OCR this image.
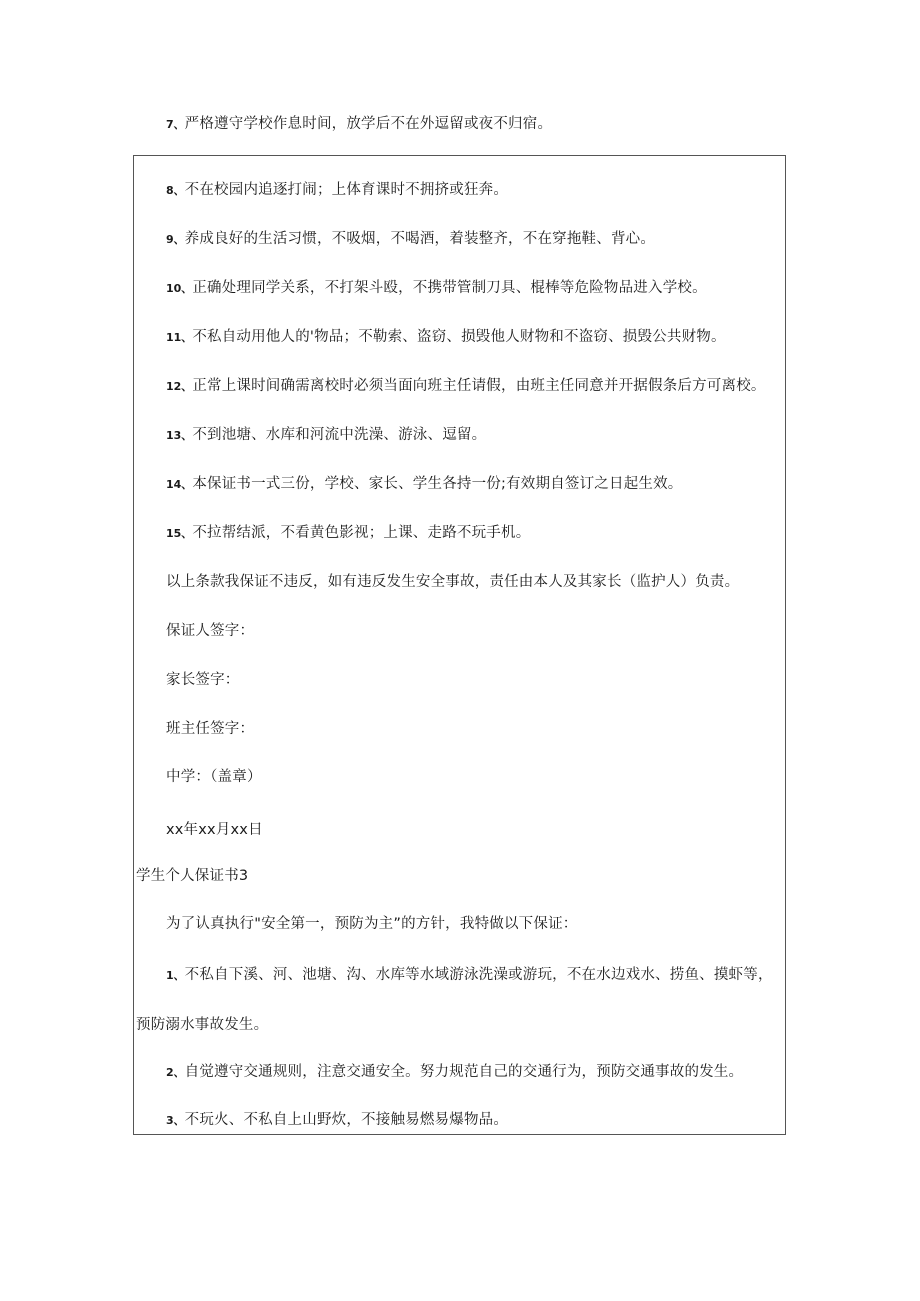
7、严格遵守学校作息时间，放学后不在外逗留或夜不归宿。
8、不在校园内追逐打闹；上体育课时不拥挤或狂奔。
9、养成良好的生活习惯，不吸烟，不喝酒，着装整齐，不在穿拖鞋、背心。
10、正确处理同学关系，不打架斗殴，不携带管制刀具、棍棒等危险物品进入学校。
11、不私自动用他人的'物品；不勒索、盗窃、损毁他人财物和不盗窃、损毁公共财物。
12、正常上课时间确需离校时必须当面向班主任请假，由班主任同意并开据假条后方可离校。
13、不到池塘、水库和河流中洗澡、游泳、逗留。
14、本保证书一式三份，学校、家长、学生各持一份;有效期自签订之日起生效。
15、不拉帮结派，不看黄色影视；上课、走路不玩手机。
以上条款我保证不违反，如有违反发生安全事故，责任由本人及其家长（监护人）负责。
保证人签字：
家长签字：
班主任签字：
中学：（盖章）
xx年xx月xx日
学生个人保证书3
为了认真执行"安全第一，预防为主”的方针，我特做以下保证：
1、不私自下溪、河、池塘、沟、水库等水域游泳洗澡或游玩，不在水边戏水、捞鱼、摸虾等，
预防溺水事故发生。
2、自觉遵守交通规则，注意交通安全。努力规范自己的交通行为，预防交通事故的发生。
3、不玩火、不私自上山野炊，不接触易燃易爆物品。
